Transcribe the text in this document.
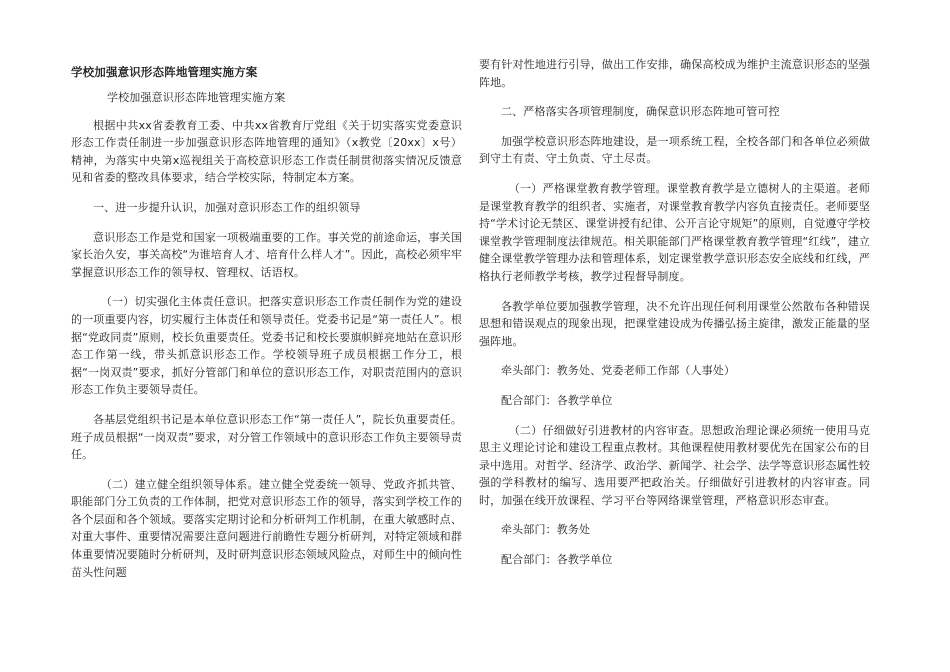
学校加强意识形态阵地管理实施方案
学校加强意识形态阵地管理实施方案

根据中共xx省委教育工委、中共xx省教育厅党组《关于切实落实党委意识形态工作责任制进一步加强意识形态阵地管理的通知》（x教党〔20xx〕x号）精神，为落实中央第x巡视组关于高校意识形态工作责任制贯彻落实情况反馈意见和省委的整改具体要求，结合学校实际，特制定本方案。

一、进一步提升认识，加强对意识形态工作的组织领导

意识形态工作是党和国家一项极端重要的工作。事关党的前途命运，事关国家长治久安，事关高校“为谁培育人才、培育什么样人才”。因此，高校必须牢牢掌握意识形态工作的领导权、管理权、话语权。

（一）切实强化主体责任意识。把落实意识形态工作责任制作为党的建设的一项重要内容，切实履行主体责任和领导责任。党委书记是“第一责任人”。根据“党政同责”原则，校长负重要责任。党委书记和校长要旗帜鲜亮地站在意识形态工作第一线，带头抓意识形态工作。学校领导班子成员根据工作分工，根据“一岗双责”要求，抓好分管部门和单位的意识形态工作，对职责范围内的意识形态工作负主要领导责任。

各基层党组织书记是本单位意识形态工作“第一责任人”，院长负重要责任。班子成员根据“一岗双责”要求，对分管工作领域中的意识形态工作负主要领导责任。

（二）建立健全组织领导体系。建立健全党委统一领导、党政齐抓共管、职能部门分工负责的工作体制，把党对意识形态工作的领导，落实到学校工作的各个层面和各个领域。要落实定期讨论和分析研判工作机制，在重大敏感时点、对重大事件、重要情况需要注意问题进行前瞻性专题分析研判，对特定领域和群体重要情况要随时分析研判，及时研判意识形态领域风险点，对师生中的倾向性苗头性问题

要有针对性地进行引导，做出工作安排，确保高校成为维护主流意识形态的坚强阵地。

二、严格落实各项管理制度，确保意识形态阵地可管可控

加强学校意识形态阵地建设，是一项系统工程，全校各部门和各单位必须做到守土有责、守土负责、守土尽责。

（一）严格课堂教育教学管理。课堂教育教学是立德树人的主渠道。老师是课堂教育教学的组织者、实施者，对课堂教育教学内容负直接责任。老师要坚持“学术讨论无禁区、课堂讲授有纪律、公开言论守规矩”的原则，自觉遵守学校课堂教学管理制度法律规范。相关职能部门严格课堂教育教学管理“红线”，建立健全课堂教学管理办法和管理体系，划定课堂教学意识形态安全底线和红线，严格执行老师教学考核，教学过程督导制度。

各教学单位要加强教学管理，决不允许出现任何利用课堂公然散布各种错误思想和错误观点的现象出现，把课堂建设成为传播弘扬主旋律，激发正能量的坚强阵地。

牵头部门：教务处、党委老师工作部（人事处）

配合部门：各教学单位

（二）仔细做好引进教材的内容审查。思想政治理论课必须统一使用马克思主义理论讨论和建设工程重点教材。其他课程使用教材要优先在国家公布的目录中选用。对哲学、经济学、政治学、新闻学、社会学、法学等意识形态属性较强的学科教材的编写、选用要严把政治关。仔细做好引进教材的内容审查。同时，加强在线开放课程、学习平台等网络课堂管理，严格意识形态审查。

牵头部门：教务处

配合部门：各教学单位
